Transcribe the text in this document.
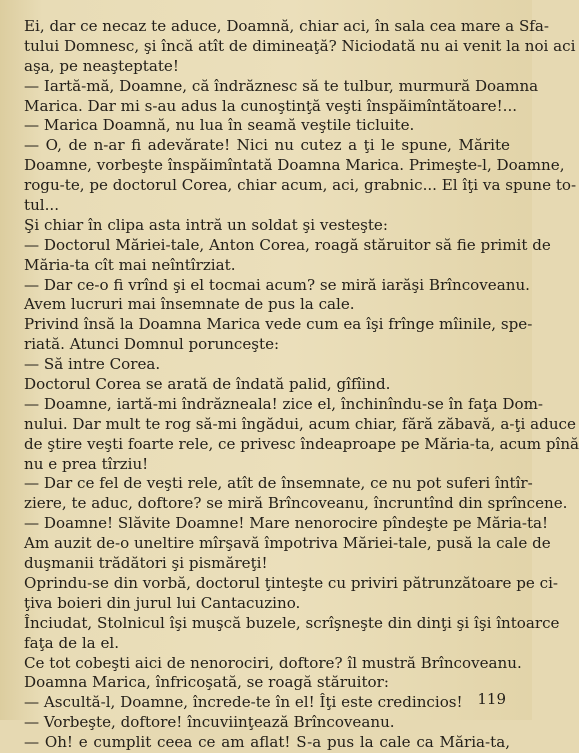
Ei, dar ce necaz te aduce, Doamnă, chiar aci, în sala cea mare a Sfa-
tului Domnesc, şi încă atît de dimineaţă? Niciodată nu ai venit la noi aci
aşa, pe neaşteptate!
— Iartă-mă, Doamne, că îndrăznesc să te tulbur, murmură Doamna
Marica. Dar mi s-au adus la cunoştinţă veşti înspăimîntătoare!...
— Marica Doamnă, nu lua în seamă veştile ticluite.
— O, de n-ar fi adevărate! Nici nu cutez a ţi le spune, Mărite
Doamne, vorbeşte înspăimîntată Doamna Marica. Primeşte-l, Doamne,
rogu-te, pe doctorul Corea, chiar acum, aci, grabnic... El îţi va spune to-
tul...
Şi chiar în clipa asta intră un soldat şi vesteşte:
— Doctorul Măriei-tale, Anton Corea, roagă stăruitor să fie primit de
Măria-ta cît mai neîntîrziat.
— Dar ce-o fi vrînd şi el tocmai acum? se miră iarăşi Brîncoveanu.
Avem lucruri mai însemnate de pus la cale.
Privind însă la Doamna Marica vede cum ea îşi frînge mîinile, spe-
riată. Atunci Domnul porunceşte:
— Să intre Corea.
Doctorul Corea se arată de îndată palid, gîfîind.
— Doamne, iartă-mi îndrăzneala! zice el, închinîndu-se în faţa Dom-
nului. Dar mult te rog să-mi îngădui, acum chiar, fără zăbavă, a-ţi aduce
de ştire veşti foarte rele, ce privesc îndeaproape pe Măria-ta, acum pînă
nu e prea tîrziu!
— Dar ce fel de veşti rele, atît de însemnate, ce nu pot suferi întîr-
ziere, te aduc, doftore? se miră Brîncoveanu, încruntînd din sprîncene.
— Doamne! Slăvite Doamne! Mare nenorocire pîndeşte pe Măria-ta!
Am auzit de-o uneltire mîrşavă împotriva Măriei-tale, pusă la cale de
duşmanii trădători şi pismăreţi!
Oprindu-se din vorbă, doctorul ţinteşte cu priviri pătrunzătoare pe ci-
ţiva boieri din jurul lui Cantacuzino.
Înciudat, Stolnicul îşi muşcă buzele, scrîşneşte din dinţi şi îşi întoarce
faţa de la el.
Ce tot cobeşti aici de nenorociri, doftore? îl mustră Brîncoveanu.
Doamna Marica, înfricoşată, se roagă stăruitor:
— Ascultă-l, Doamne, încrede-te în el! Îţi este credincios!
— Vorbeşte, doftore! încuviinţează Brîncoveanu.
— Oh! e cumplit ceea ce am aflat! S-a pus la cale ca Măria-ta,
119
